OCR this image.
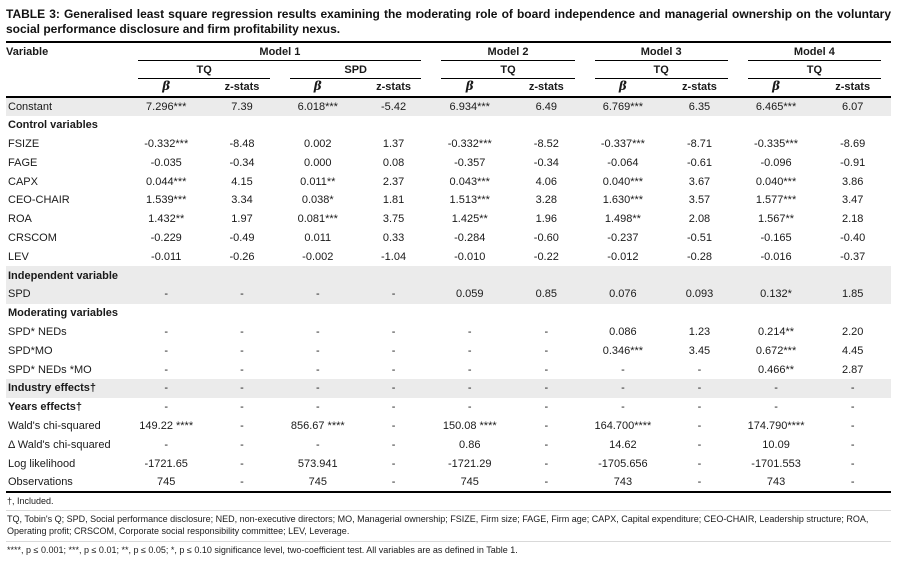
TABLE 3: Generalised least square regression results examining the moderating role of board independence and managerial ownership on the voluntary social performance disclosure and firm profitability nexus.
Variable	Model 1				Model 2		Model 3		Model 4	

	TQ		SPD		TQ		TQ		TQ	

	β	z-stats	β	z-stats	β	z-stats	β	z-stats	β	z-stats
Constant	7.296***	7.39	6.018***	-5.42	6.934***	6.49	6.769***	6.35	6.465***	6.07
Control variables										
FSIZE	-0.332***	-8.48	0.002	1.37	-0.332***	-8.52	-0.337***	-8.71	-0.335***	-8.69
FAGE	-0.035	-0.34	0.000	0.08	-0.357	-0.34	-0.064	-0.61	-0.096	-0.91
CAPX	0.044***	4.15	0.011**	2.37	0.043***	4.06	0.040***	3.67	0.040***	3.86
CEO-CHAIR	1.539***	3.34	0.038*	1.81	1.513***	3.28	1.630***	3.57	1.577***	3.47
ROA	1.432**	1.97	0.081***	3.75	1.425**	1.96	1.498**	2.08	1.567**	2.18
CRSCOM	-0.229	-0.49	0.011	0.33	-0.284	-0.60	-0.237	-0.51	-0.165	-0.40
LEV	-0.011	-0.26	-0.002	-1.04	-0.010	-0.22	-0.012	-0.28	-0.016	-0.37
Independent variable										
SPD	-	-	-	-	0.059	0.85	0.076	0.093	0.132*	1.85
Moderating variables										
SPD* NEDs	-	-	-	-	-	-	0.086	1.23	0.214**	2.20
SPD*MO	-	-	-	-	-	-	0.346***	3.45	0.672***	4.45
SPD* NEDs *MO	-	-	-	-	-	-	-	-	0.466**	2.87
Industry effects†	-	-	-	-	-	-	-	-	-	-
Years effects†	-	-	-	-	-	-	-	-	-	-
Wald's chi-squared	149.22 ****	-	856.67 ****	-	150.08 ****	-	164.700****	-	174.790****	-
Δ Wald's chi-squared	-	-	-	-	0.86	-	14.62	-	10.09	-
Log likelihood	-1721.65	-	573.941	-	-1721.29	-	-1705.656	-	-1701.553	-
Observations	745	-	745	-	745	-	743	-	743	-
†, Included.
TQ, Tobin's Q; SPD, Social performance disclosure; NED, non-executive directors; MO, Managerial ownership; FSIZE, Firm size; FAGE, Firm age; CAPX, Capital expenditure; CEO-CHAIR, Leadership structure; ROA, Operating profit; CRSCOM, Corporate social responsibility committee; LEV, Leverage.
****, p ≤ 0.001; ***, p ≤ 0.01; **, p ≤ 0.05; *, p ≤ 0.10 significance level, two-coefficient test. All variables are as defined in Table 1.
